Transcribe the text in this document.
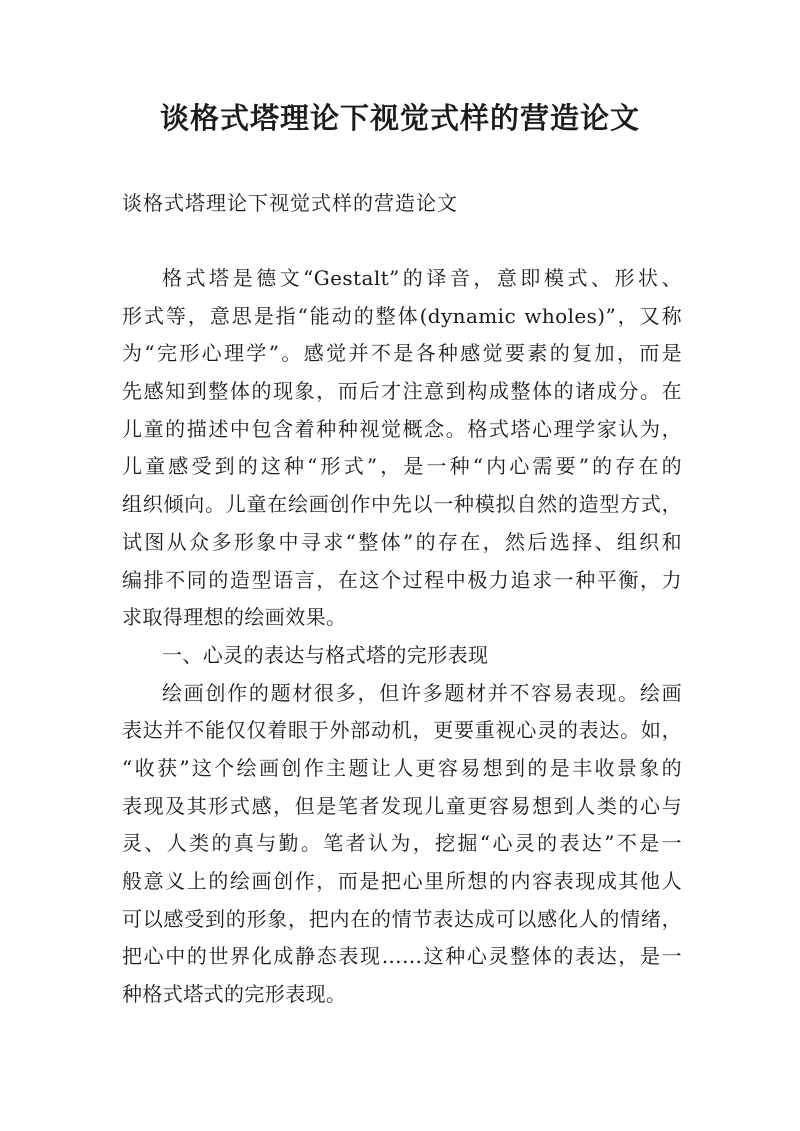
谈格式塔理论下视觉式样的营造论文

谈格式塔理论下视觉式样的营造论文

格式塔是德文“Gestalt”的译音，意即模式、形状、
形式等，意思是指“能动的整体(dynamic wholes)”，又称
为“完形心理学”。感觉并不是各种感觉要素的复加，而是
先感知到整体的现象，而后才注意到构成整体的诸成分。在
儿童的描述中包含着种种视觉概念。格式塔心理学家认为，
儿童感受到的这种“形式”，是一种“内心需要”的存在的
组织倾向。儿童在绘画创作中先以一种模拟自然的造型方式，
试图从众多形象中寻求“整体”的存在，然后选择、组织和
编排不同的造型语言，在这个过程中极力追求一种平衡，力
求取得理想的绘画效果。
一、心灵的表达与格式塔的完形表现
绘画创作的题材很多，但许多题材并不容易表现。绘画
表达并不能仅仅着眼于外部动机，更要重视心灵的表达。如，
“收获”这个绘画创作主题让人更容易想到的是丰收景象的
表现及其形式感，但是笔者发现儿童更容易想到人类的心与
灵、人类的真与勤。笔者认为，挖掘“心灵的表达”不是一
般意义上的绘画创作，而是把心里所想的内容表现成其他人
可以感受到的形象，把内在的情节表达成可以感化人的情绪，
把心中的世界化成静态表现……这种心灵整体的表达，是一
种格式塔式的完形表现。
